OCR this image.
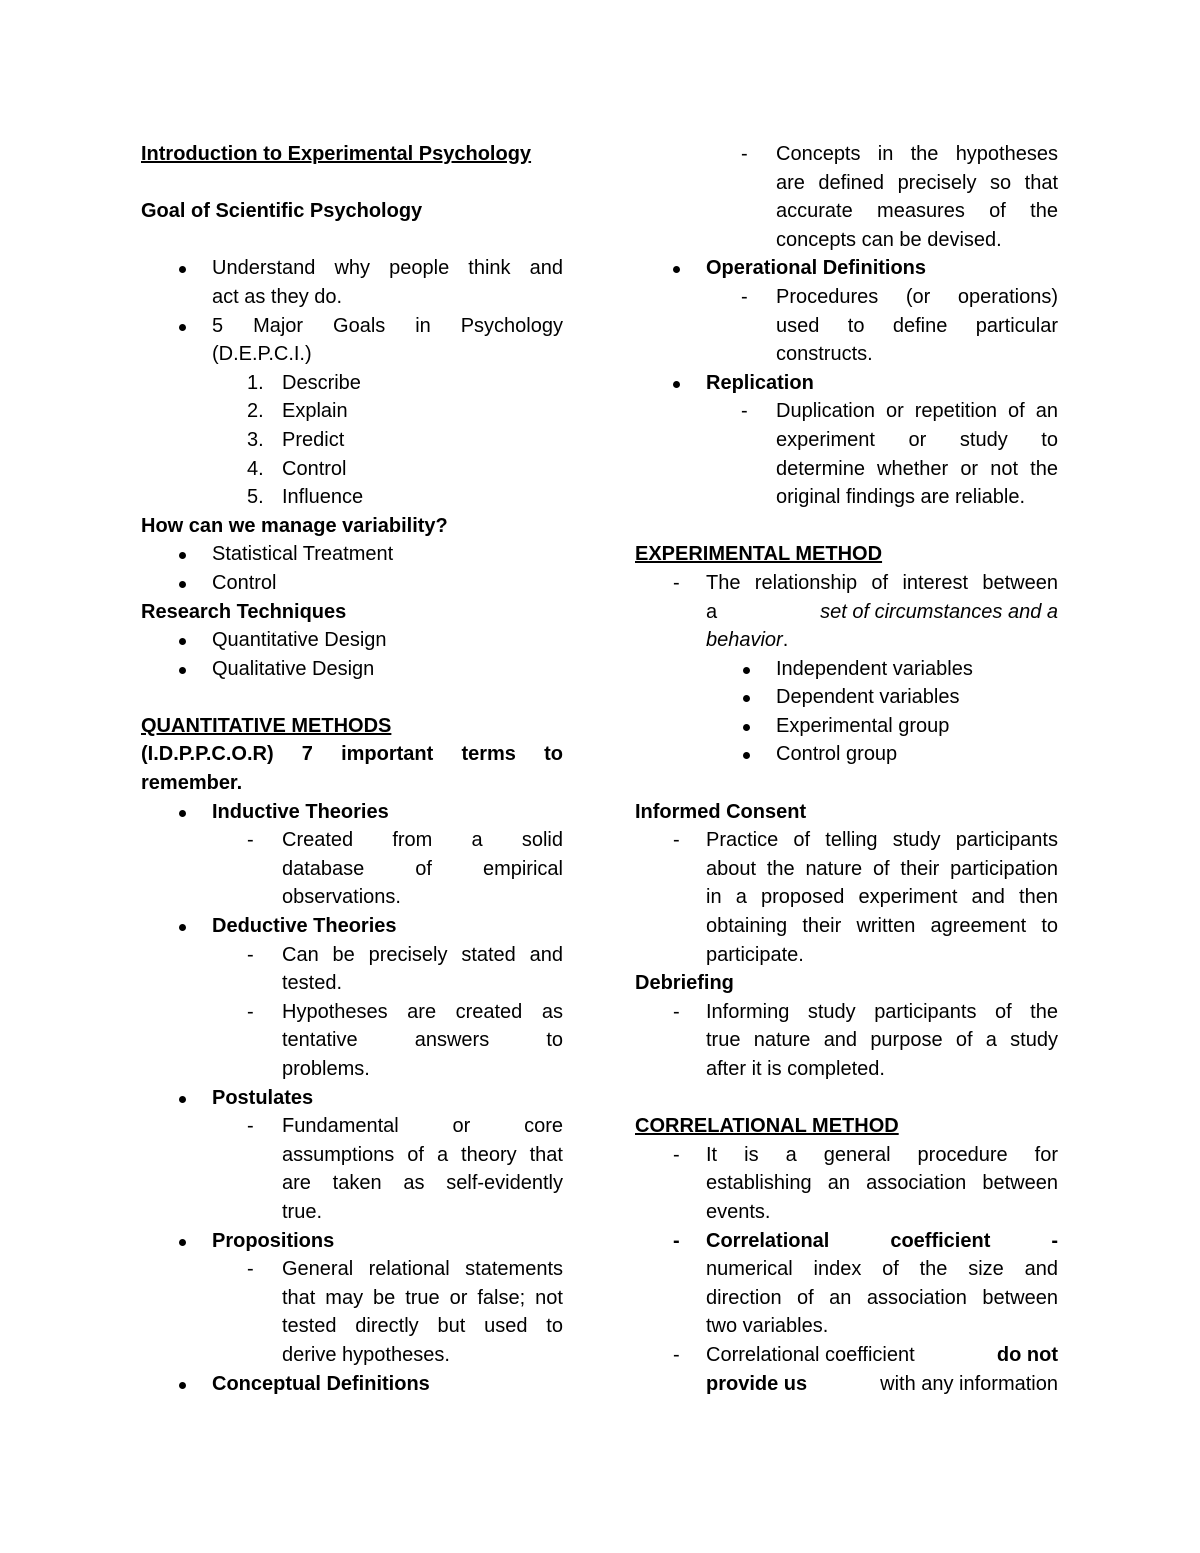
Introduction to Experimental Psychology
Goal of Scientific Psychology
Understand why people think and
act as they do.
5 Major Goals in Psychology
(D.E.P.C.I.)
1. Describe
2. Explain
3. Predict
4. Control
5. Influence
How can we manage variability?
Statistical Treatment
Control
Research Techniques
Quantitative Design
Qualitative Design
QUANTITATIVE METHODS
(I.D.P.P.C.O.R) 7 important terms to
remember.
Inductive Theories
- Created from a solid
database	of	empirical
observations.
Deductive Theories
- Can be precisely stated and
tested.
- Hypotheses are created as
tentative	answers	to
problems.
Postulates
- Fundamental	or	core
assumptions of a theory that
are taken as self-evidently
true.
Propositions
- General relational statements
that may be true or false; not
tested directly but used to
derive hypotheses.
Conceptual Definitions
- Concepts in the hypotheses
are defined precisely so that
accurate measures of the
concepts can be devised.
Operational Definitions
- Procedures (or operations)
used to define particular
constructs.
Replication
- Duplication or repetition of an
experiment or study to
determine whether or not the
original findings are reliable.
EXPERIMENTAL METHOD
- The relationship of interest between
a	set of circumstances and a
behavior.
Independent variables
Dependent variables
Experimental group
Control group
Informed Consent
- Practice of telling study participants
about the nature of their participation
in a proposed experiment and then
obtaining their written agreement to
participate.
Debriefing
- Informing study participants of the
true nature and purpose of a study
after it is completed.
CORRELATIONAL METHOD
- It is a general procedure for
establishing an association between
events.
- Correlational	coefficient	-
numerical index of the size and
direction of an association between
two variables.
- Correlational coefficient	do not
provide us	with any information
